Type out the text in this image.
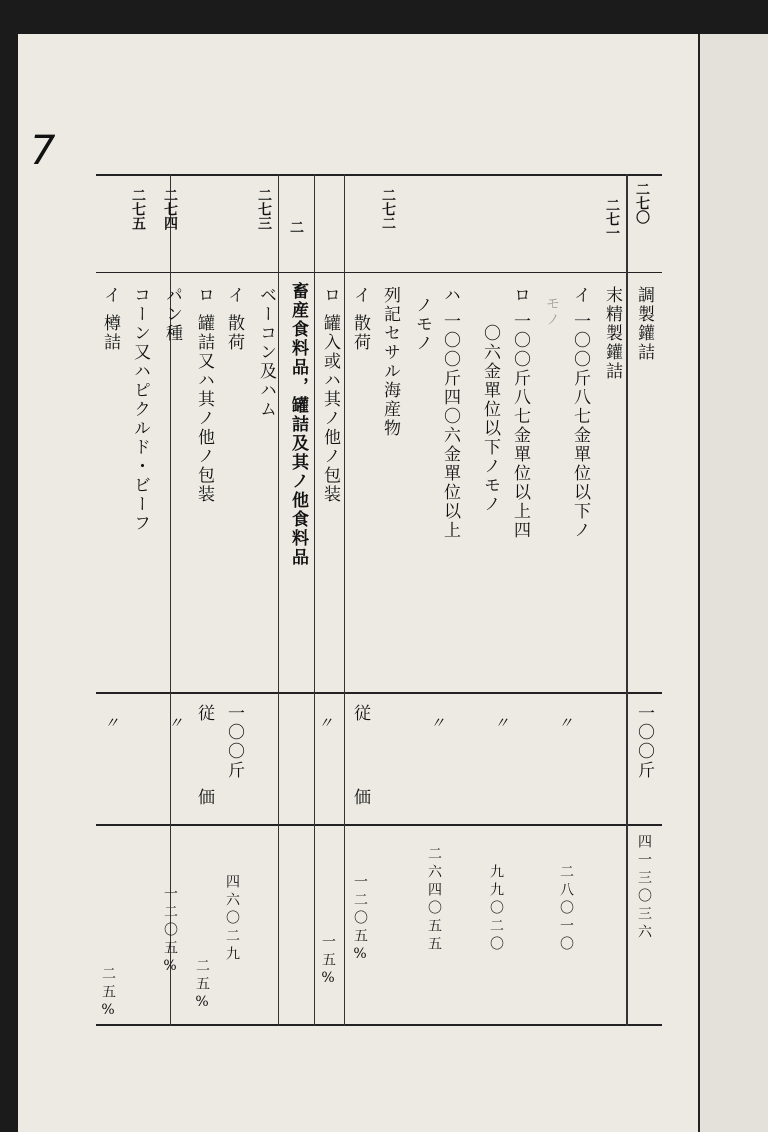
7
二七〇
調製鑵詰
一〇〇斤
四一三〇三六
二七一
末精製鑵詰
イ
一〇〇斤八七金單位以下ノ
モノ
〃
二八〇一〇
ロ
一〇〇斤八七金單位以上四
〇六金單位以下ノモノ
〃
九九〇二〇
ハ
一〇〇斤四〇六金單位以上
ノモノ
〃
二六四〇五五
二七二
列記セサル海産物
イ
散荷
従
価
一二〇五%
ロ
罐入或ハ其ノ他ノ包装
〃
一五%
二
畜産食料品，罐詰及其ノ他食料品
二七三
ベーコン及ハム
イ
散荷
一〇〇斤
四六〇二九
ロ
罐詰又ハ其ノ他ノ包装
従
価
二五%
二七四
パン種
〃
一二〇五%
二七五
コーン又ハピクルド・ビーフ
イ
樽詰
〃
二五%
